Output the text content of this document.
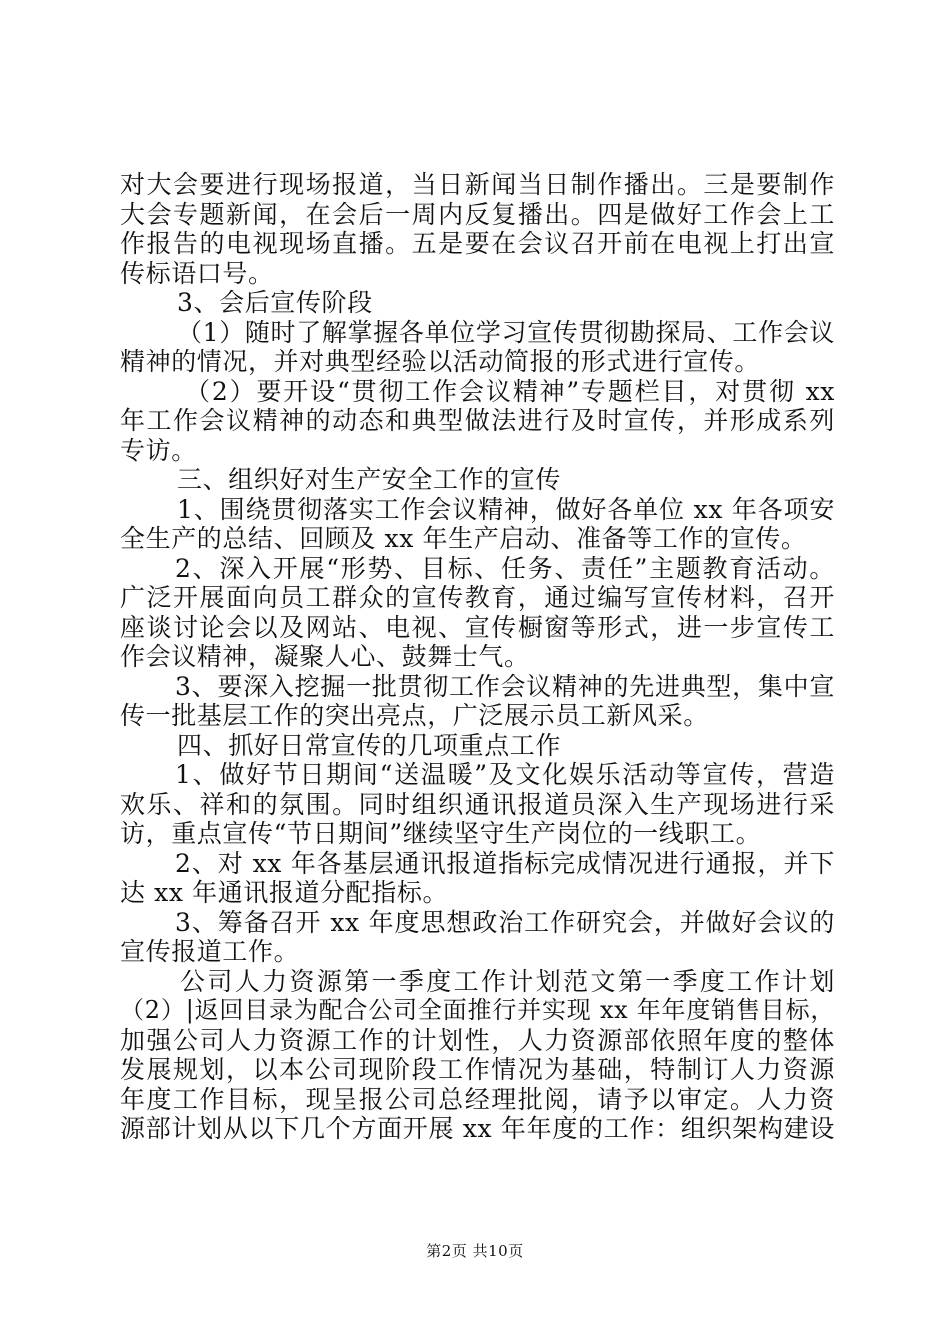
对大会要进行现场报道，当日新闻当日制作播出。三是要制作
大会专题新闻，在会后一周内反复播出。四是做好工作会上工
作报告的电视现场直播。五是要在会议召开前在电视上打出宣
传标语口号。
3、会后宣传阶段
（1）随时了解掌握各单位学习宣传贯彻勘探局、工作会议
精神的情况，并对典型经验以活动简报的形式进行宣传。
（2）要开设“贯彻工作会议精神”专题栏目，对贯彻 xx
年工作会议精神的动态和典型做法进行及时宣传，并形成系列
专访。
三、组织好对生产安全工作的宣传
1、围绕贯彻落实工作会议精神，做好各单位 xx 年各项安
全生产的总结、回顾及 xx 年生产启动、准备等工作的宣传。
2、深入开展“形势、目标、任务、责任”主题教育活动。
广泛开展面向员工群众的宣传教育，通过编写宣传材料，召开
座谈讨论会以及网站、电视、宣传橱窗等形式，进一步宣传工
作会议精神，凝聚人心、鼓舞士气。
3、要深入挖掘一批贯彻工作会议精神的先进典型，集中宣
传一批基层工作的突出亮点，广泛展示员工新风采。
四、抓好日常宣传的几项重点工作
1、做好节日期间“送温暖”及文化娱乐活动等宣传，营造
欢乐、祥和的氛围。同时组织通讯报道员深入生产现场进行采
访，重点宣传“节日期间”继续坚守生产岗位的一线职工。
2、对 xx 年各基层通讯报道指标完成情况进行通报，并下
达 xx 年通讯报道分配指标。
3、筹备召开 xx 年度思想政治工作研究会，并做好会议的
宣传报道工作。
公司人力资源第一季度工作计划范文第一季度工作计划
（2）|返回目录为配合公司全面推行并实现 xx 年年度销售目标，
加强公司人力资源工作的计划性，人力资源部依照年度的整体
发展规划，以本公司现阶段工作情况为基础，特制订人力资源
年度工作目标，现呈报公司总经理批阅，请予以审定。人力资
源部计划从以下几个方面开展 xx 年年度的工作：组织架构建设
第2页 共10页
